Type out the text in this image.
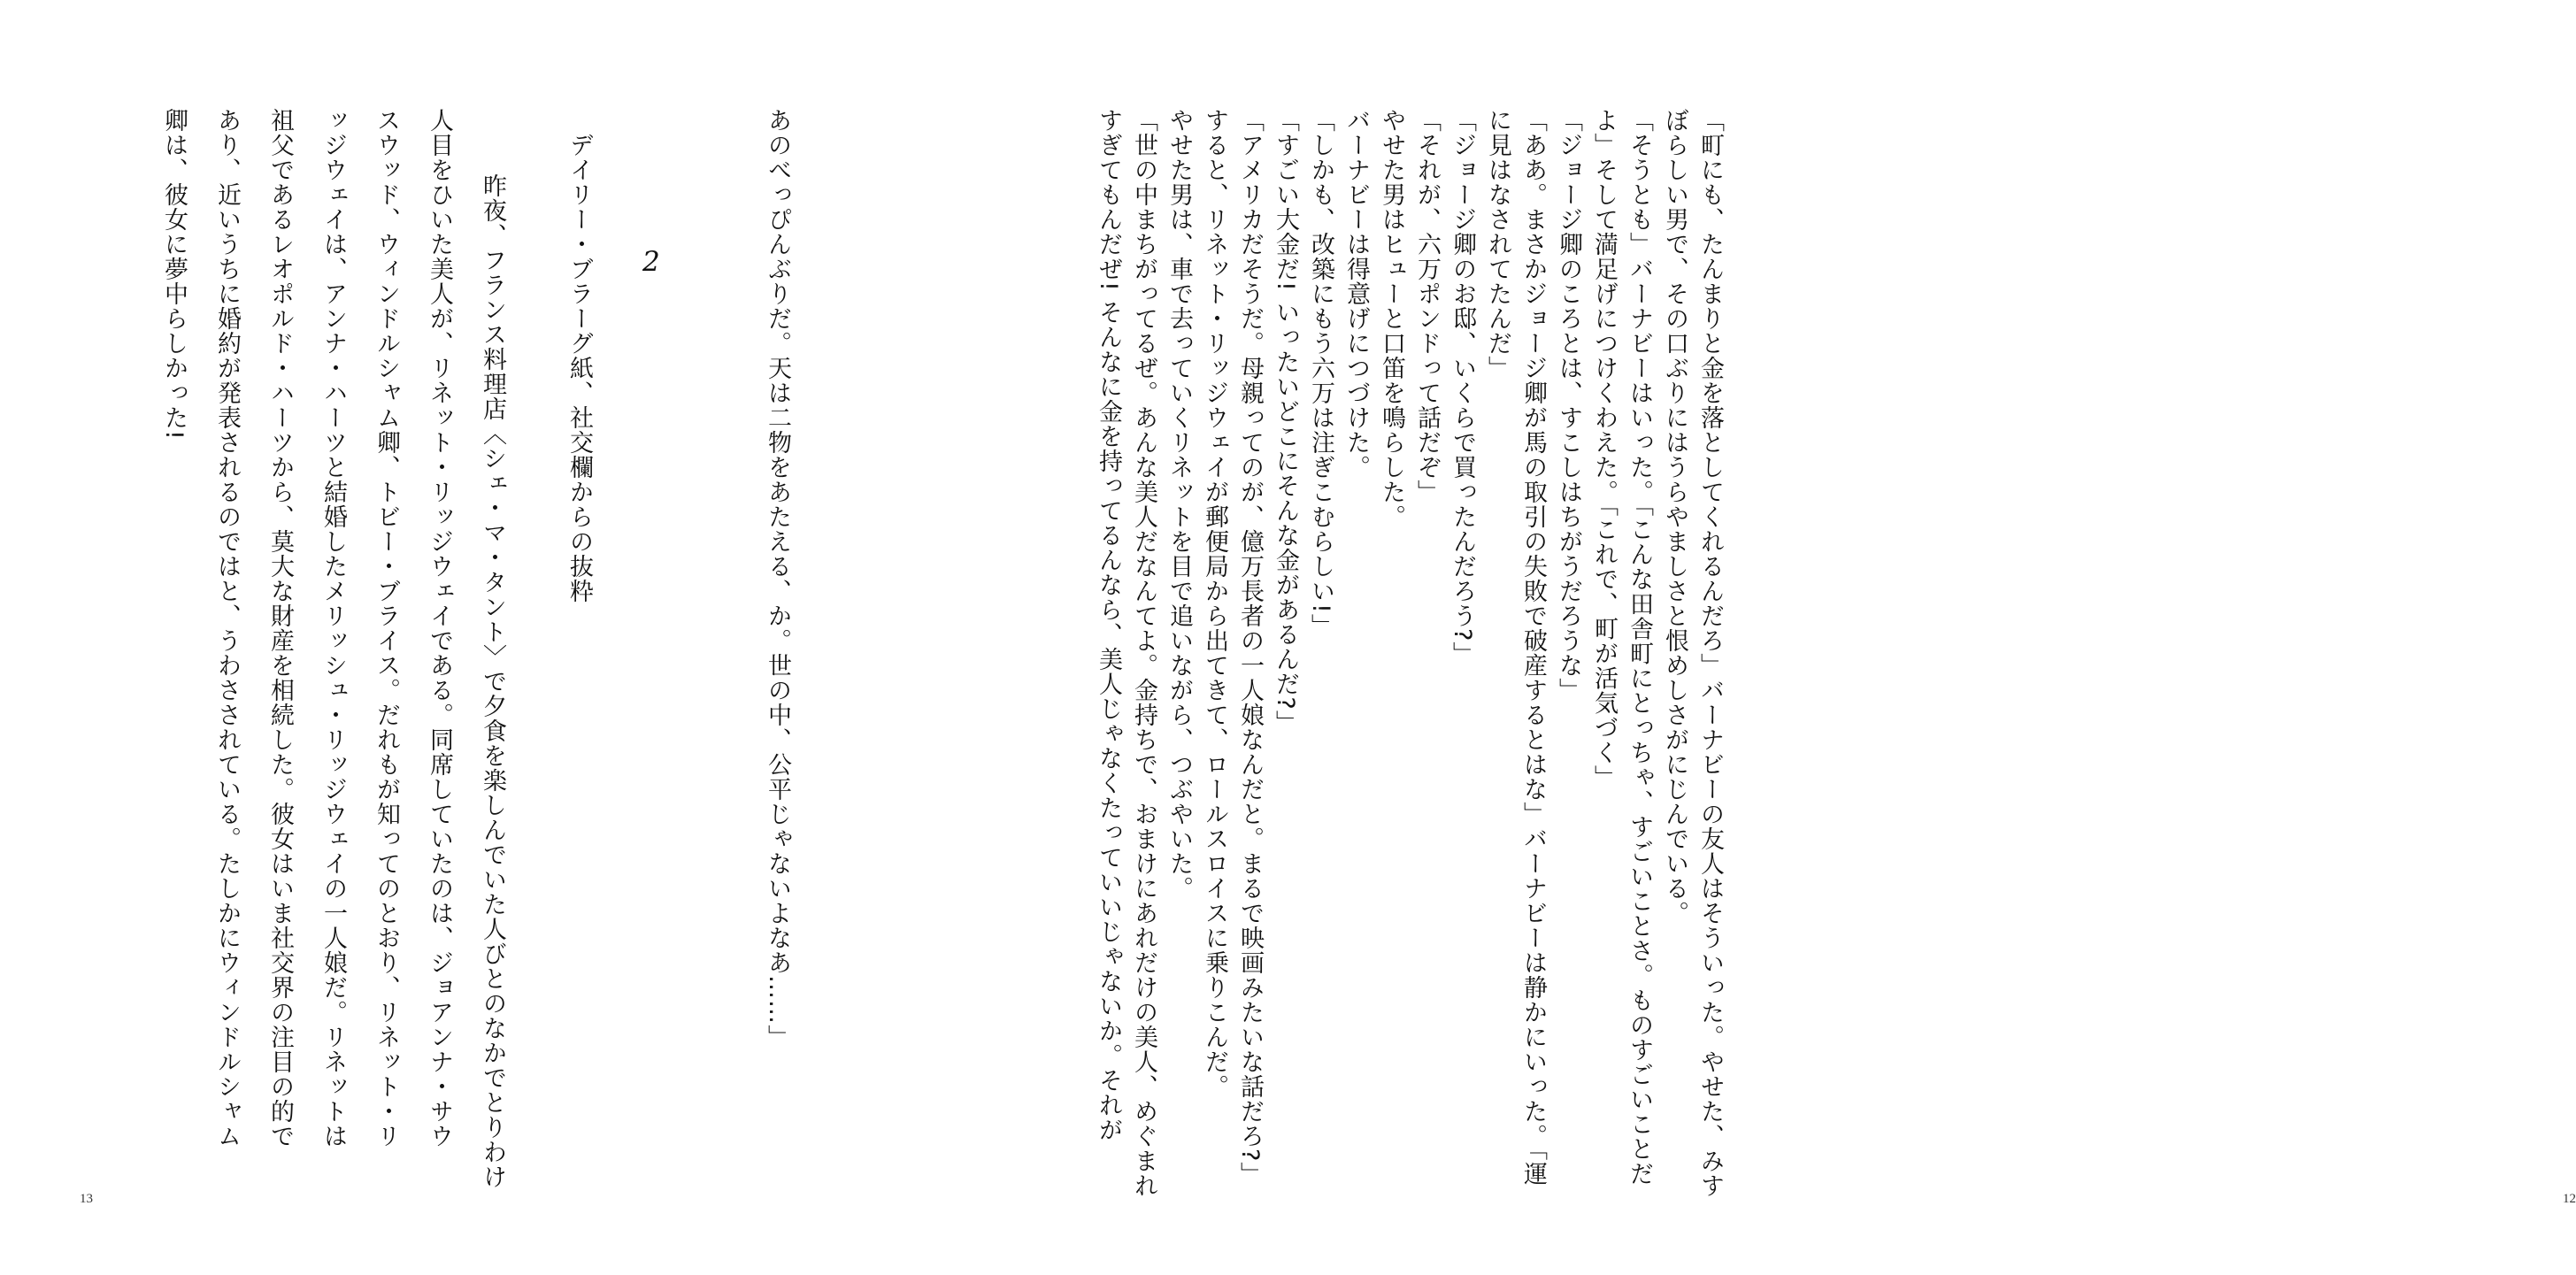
「町にも、たんまりと金を落としてくれるんだろ」バーナビーの友人はそういった。やせた、みす
ぼらしい男で、その口ぶりにはうらやましさと恨めしさがにじんでいる。
「そうとも」バーナビーはいった。「こんな田舎町にとっちゃ、すごいことさ。ものすごいことだ
よ」そして満足げにつけくわえた。「これで、町が活気づく」
「ジョージ卿のころとは、すこしはちがうだろうな」
「ああ。まさかジョージ卿が馬の取引の失敗で破産するとはな」バーナビーは静かにいった。「運
に見はなされてたんだ」
「ジョージ卿のお邸、いくらで買ったんだろう?」
「それが、六万ポンドって話だぞ」
やせた男はヒューと口笛を鳴らした。
バーナビーは得意げにつづけた。
「しかも、改築にもう六万は注ぎこむらしい!」
「すごい大金だ! いったいどこにそんな金があるんだ?」
「アメリカだそうだ。母親ってのが、億万長者の一人娘なんだと。まるで映画みたいな話だろ?」
すると、リネット・リッジウェイが郵便局から出てきて、ロールスロイスに乗りこんだ。
やせた男は、車で去っていくリネットを目で追いながら、つぶやいた。
「世の中まちがってるぜ。あんな美人だなんてよ。金持ちで、おまけにあれだけの美人、めぐまれ
すぎてもんだぜ! そんなに金を持ってるんなら、美人じゃなくたっていいじゃないか。それが
12
あのべっぴんぶりだ。天は二物をあたえる、か。世の中、公平じゃないよなあ……」
2
デイリー・ブラーグ紙、社交欄からの抜粋
昨夜、フランス料理店〈シェ・マ・タント〉で夕食を楽しんでいた人びとのなかでとりわけ
人目をひいた美人が、リネット・リッジウェイである。同席していたのは、ジョアンナ・サウ
スウッド、ウィンドルシャム卿、トビー・ブライス。だれもが知ってのとおり、リネット・リ
ッジウェイは、アンナ・ハーツと結婚したメリッシュ・リッジウェイの一人娘だ。リネットは
祖父であるレオポルド・ハーツから、莫大な財産を相続した。彼女はいま社交界の注目の的で
あり、近いうちに婚約が発表されるのではと、うわさされている。たしかにウィンドルシャム
卿は、彼女に夢中らしかった!
13
